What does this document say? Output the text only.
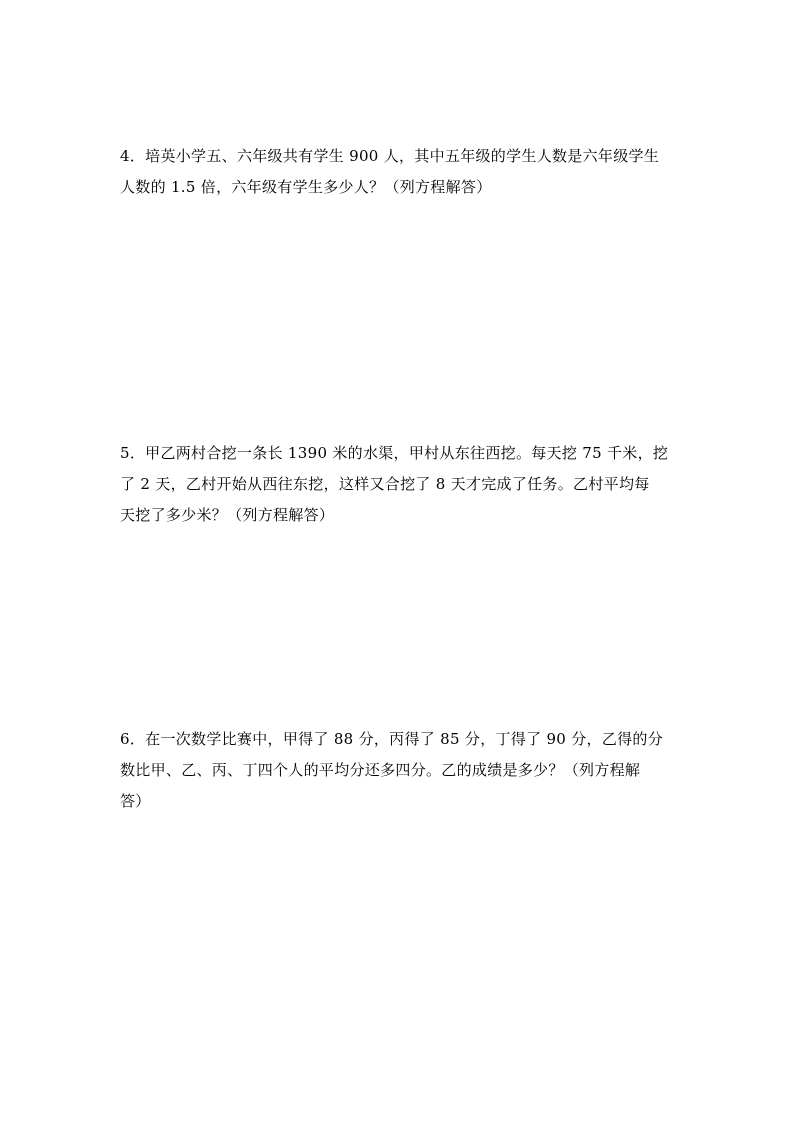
4．培英小学五、六年级共有学生 900 人，其中五年级的学生人数是六年级学生
人数的 1.5 倍，六年级有学生多少人？（列方程解答）
5．甲乙两村合挖一条长 1390 米的水渠，甲村从东往西挖。每天挖 75 千米，挖
了 2 天，乙村开始从西往东挖，这样又合挖了 8 天才完成了任务。乙村平均每
天挖了多少米？（列方程解答）
6．在一次数学比赛中，甲得了 88 分，丙得了 85 分，丁得了 90 分，乙得的分
数比甲、乙、丙、丁四个人的平均分还多四分。乙的成绩是多少？（列方程解
答）
